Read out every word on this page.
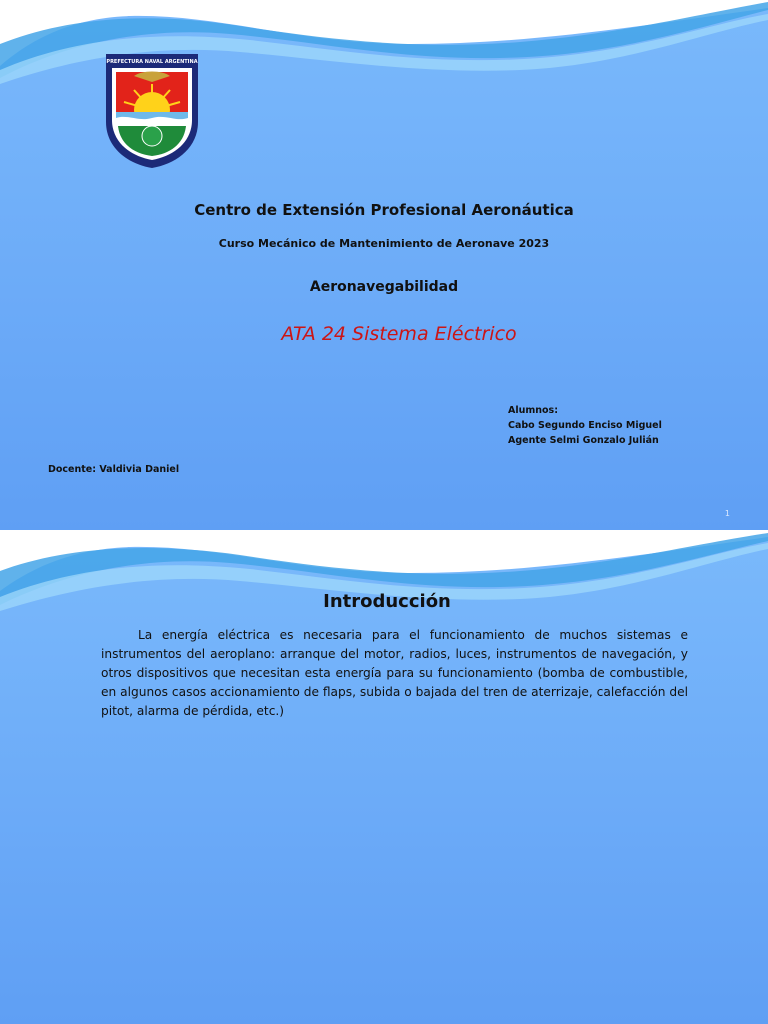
PREFECTURA NAVAL ARGENTINA
Centro de Extensión Profesional Aeronáutica
Curso Mecánico de Mantenimiento de Aeronave 2023
Aeronavegabilidad
ATA 24 Sistema Eléctrico
Alumnos:
Cabo Segundo Enciso Miguel
Agente Selmi Gonzalo Julián
Docente: Valdivia Daniel
1
Introducción
La energía eléctrica es necesaria para el funcionamiento de muchos sistemas e instrumentos del aeroplano: arranque del motor, radios, luces, instrumentos de navegación, y otros dispositivos que necesitan esta energía para su funcionamiento (bomba de combustible, en algunos casos accionamiento de flaps, subida o bajada del tren de aterrizaje, calefacción del pitot, alarma de pérdida, etc.)
